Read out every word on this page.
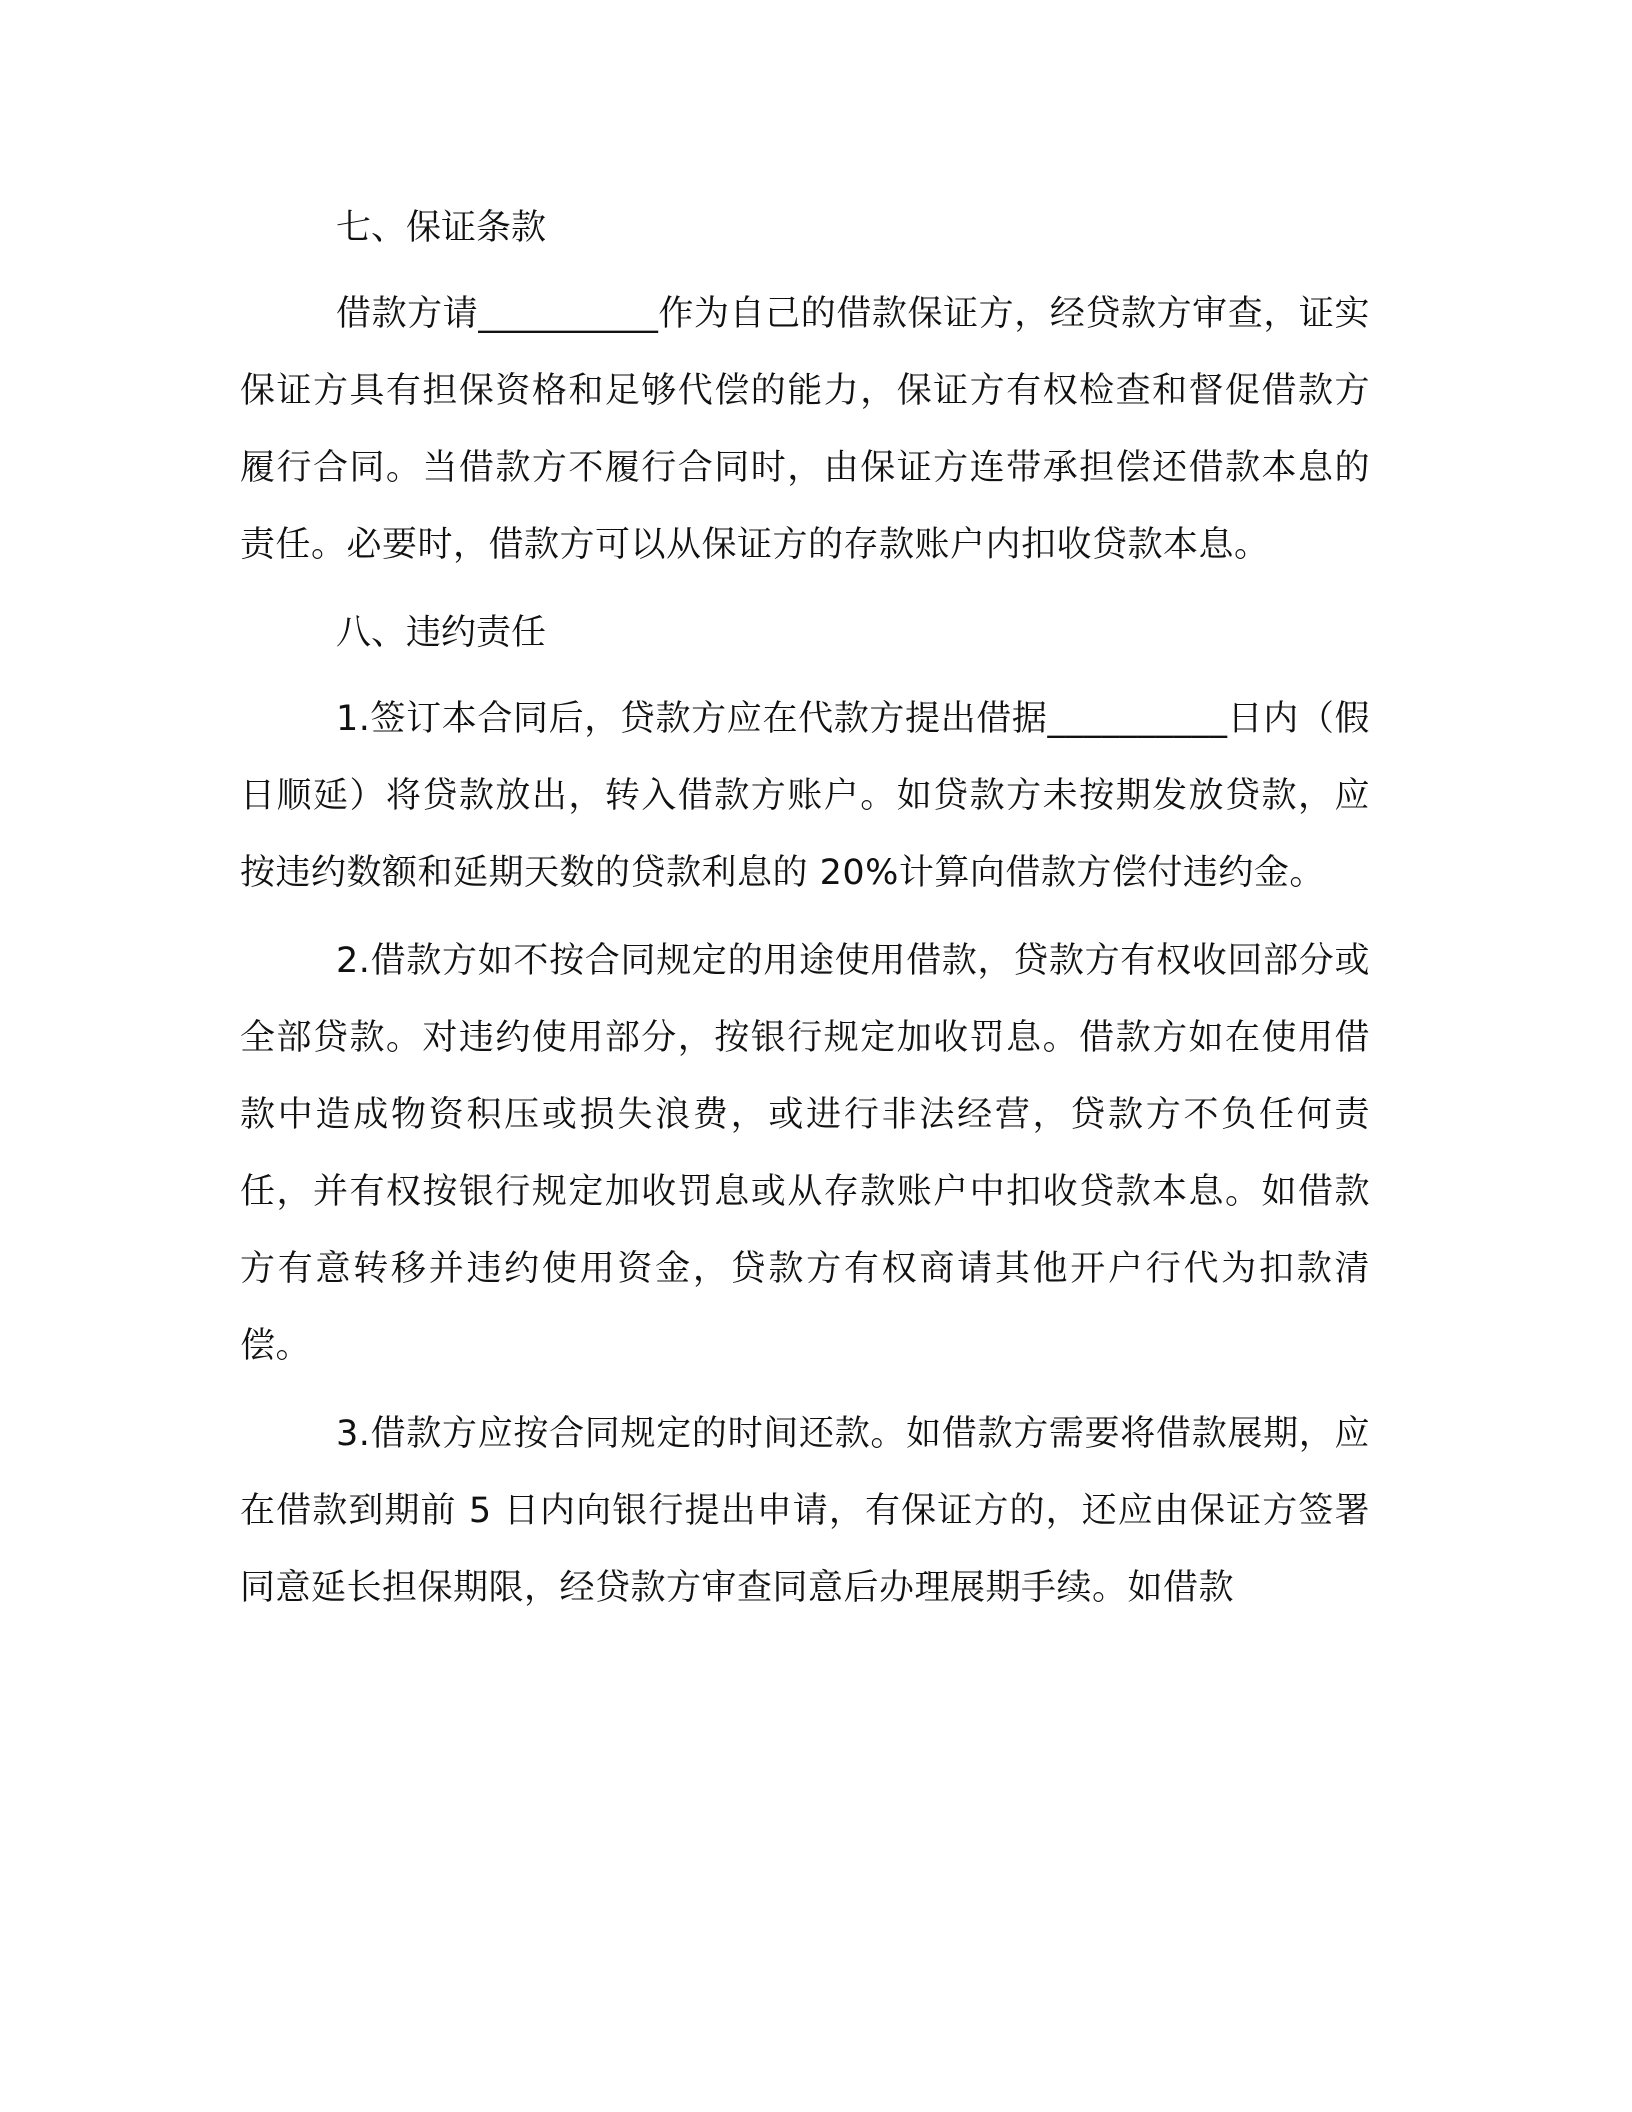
七、保证条款

借款方请__________作为自己的借款保证方，经贷款方审查，证实保证方具有担保资格和足够代偿的能力，保证方有权检查和督促借款方履行合同。当借款方不履行合同时，由保证方连带承担偿还借款本息的责任。必要时，借款方可以从保证方的存款账户内扣收贷款本息。

八、违约责任

1.签订本合同后，贷款方应在代款方提出借据__________日内（假日顺延）将贷款放出，转入借款方账户。如贷款方未按期发放贷款，应按违约数额和延期天数的贷款利息的 20%计算向借款方偿付违约金。

2.借款方如不按合同规定的用途使用借款，贷款方有权收回部分或全部贷款。对违约使用部分，按银行规定加收罚息。借款方如在使用借款中造成物资积压或损失浪费，或进行非法经营，贷款方不负任何责任，并有权按银行规定加收罚息或从存款账户中扣收贷款本息。如借款方有意转移并违约使用资金，贷款方有权商请其他开户行代为扣款清偿。

3.借款方应按合同规定的时间还款。如借款方需要将借款展期，应在借款到期前 5 日内向银行提出申请，有保证方的，还应由保证方签署同意延长担保期限，经贷款方审查同意后办理展期手续。如借款
